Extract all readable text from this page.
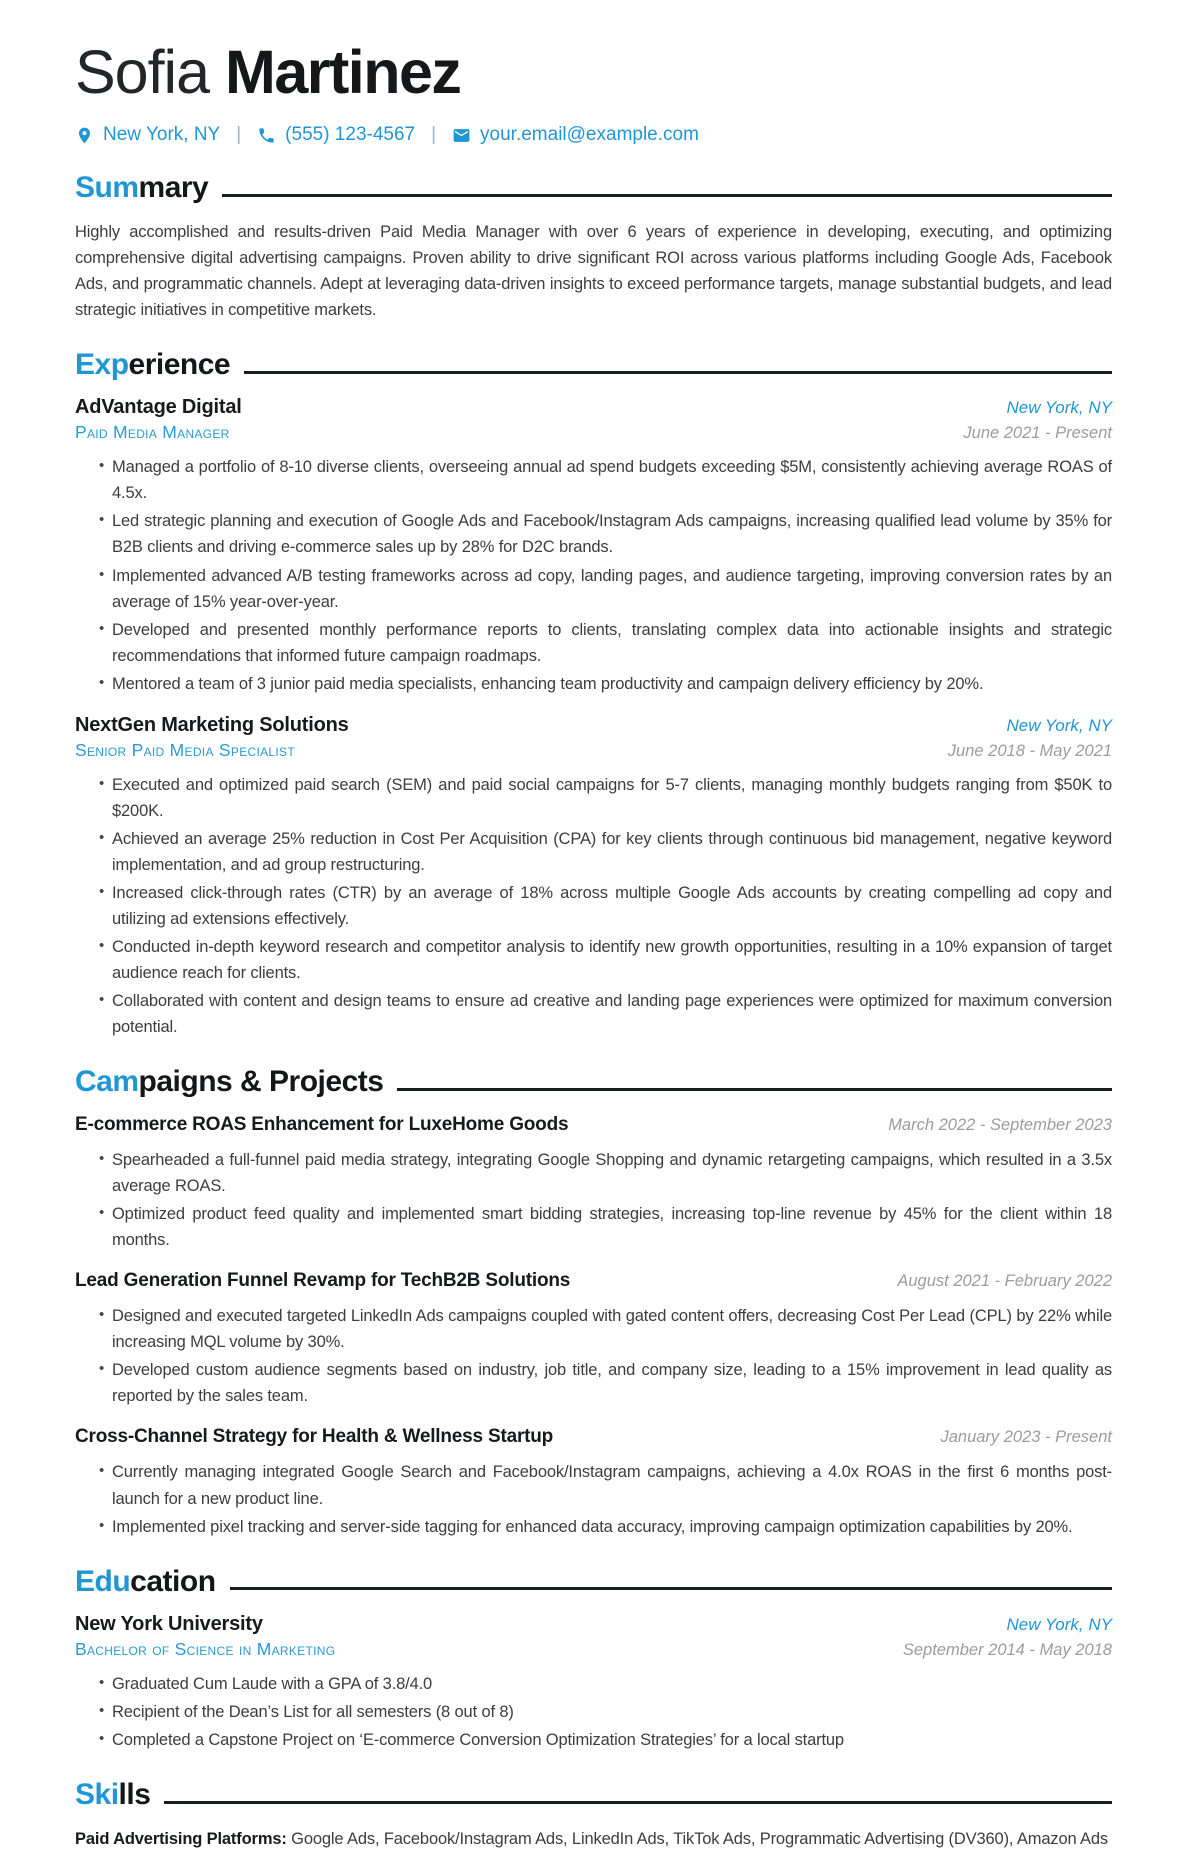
Sofia Martinez
New York, NY | (555) 123-4567 | your.email@example.com
Sum mary

Highly accomplished and results-driven Paid Media Manager with over 6 years of experience in developing, executing, and optimizing comprehensive digital advertising campaigns. Proven ability to drive significant ROI across various platforms including Google Ads, Facebook Ads, and programmatic channels. Adept at leveraging data-driven insights to exceed performance targets, manage substantial budgets, and lead strategic initiatives in competitive markets.

Exp erience
AdVantage Digital	New York, NY
Paid Media Manager	June 2021 - Present
• Managed a portfolio of 8-10 diverse clients, overseeing annual ad spend budgets exceeding $5M, consistently achieving average ROAS of 4.5x.
• Led strategic planning and execution of Google Ads and Facebook/Instagram Ads campaigns, increasing qualified lead volume by 35% for B2B clients and driving e-commerce sales up by 28% for D2C brands.
• Implemented advanced A/B testing frameworks across ad copy, landing pages, and audience targeting, improving conversion rates by an average of 15% year-over-year.
• Developed and presented monthly performance reports to clients, translating complex data into actionable insights and strategic recommendations that informed future campaign roadmaps.
• Mentored a team of 3 junior paid media specialists, enhancing team productivity and campaign delivery efficiency by 20%.
NextGen Marketing Solutions	New York, NY
Senior Paid Media Specialist	June 2018 - May 2021
• Executed and optimized paid search (SEM) and paid social campaigns for 5-7 clients, managing monthly budgets ranging from $50K to $200K.
• Achieved an average 25% reduction in Cost Per Acquisition (CPA) for key clients through continuous bid management, negative keyword implementation, and ad group restructuring.
• Increased click-through rates (CTR) by an average of 18% across multiple Google Ads accounts by creating compelling ad copy and utilizing ad extensions effectively.
• Conducted in-depth keyword research and competitor analysis to identify new growth opportunities, resulting in a 10% expansion of target audience reach for clients.
• Collaborated with content and design teams to ensure ad creative and landing page experiences were optimized for maximum conversion potential.
Cam paigns & Projects
E-commerce ROAS Enhancement for LuxeHome Goods	March 2022 - September 2023
• Spearheaded a full-funnel paid media strategy, integrating Google Shopping and dynamic retargeting campaigns, which resulted in a 3.5x average ROAS.
• Optimized product feed quality and implemented smart bidding strategies, increasing top-line revenue by 45% for the client within 18 months.
Lead Generation Funnel Revamp for TechB2B Solutions	August 2021 - February 2022
• Designed and executed targeted LinkedIn Ads campaigns coupled with gated content offers, decreasing Cost Per Lead (CPL) by 22% while increasing MQL volume by 30%.
• Developed custom audience segments based on industry, job title, and company size, leading to a 15% improvement in lead quality as reported by the sales team.
Cross-Channel Strategy for Health & Wellness Startup	January 2023 - Present
• Currently managing integrated Google Search and Facebook/Instagram campaigns, achieving a 4.0x ROAS in the first 6 months post-launch for a new product line.
• Implemented pixel tracking and server-side tagging for enhanced data accuracy, improving campaign optimization capabilities by 20%.
Edu cation
New York University	New York, NY
Bachelor of Science in Marketing	September 2014 - May 2018
• Graduated Cum Laude with a GPA of 3.8/4.0
• Recipient of the Dean’s List for all semesters (8 out of 8)
• Completed a Capstone Project on ‘E-commerce Conversion Optimization Strategies’ for a local startup
Ski lls

Paid Advertising Platforms: Google Ads, Facebook/Instagram Ads, LinkedIn Ads, TikTok Ads, Programmatic Advertising (DV360), Amazon Ads
